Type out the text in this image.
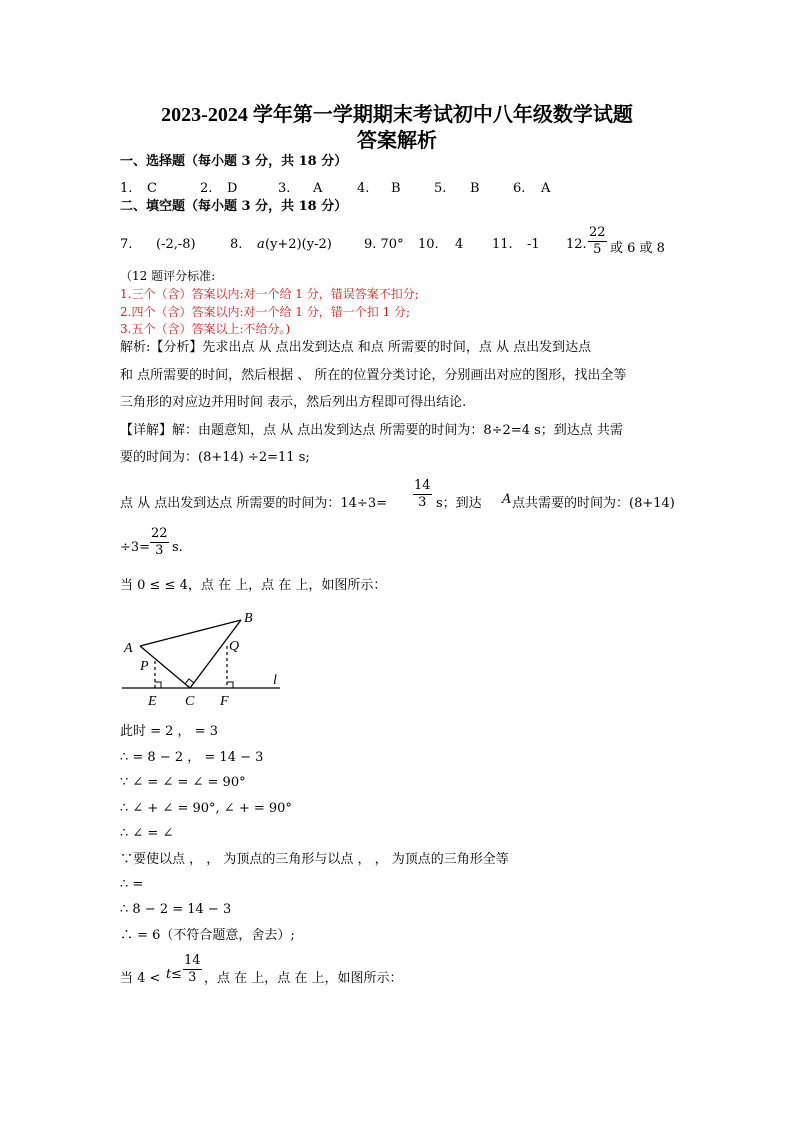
2023-2024 学年第一学期期末考试初中八年级数学试题
答案解析
一、选择题（每小题 3 分，共 18 分）
1. C	2. D	3. A	4. B	5. B	6. A
二、填空题（每小题 3 分，共 18 分）
7. (-2,-8)	8. a (y+2)(y-2) 9. 70° 10. 4 11. -1 12. $\frac{22}{5}$ 或 6 或 8
（12 题评分标准:
1.三个（含）答案以内:对一个给 1 分，错误答案不扣分;
2.四个（含）答案以内:对一个给 1 分，错一个扣 1 分;
3.五个（含）答案以上:不给分。)
解析:【分析】先求出点 从 点出发到达点 和点 所需要的时间，点 从 点出发到达点
和 点所需要的时间，然后根据 、 所在的位置分类讨论，分别画出对应的图形，找出全等
三角形的对应边并用时间 表示，然后列出方程即可得出结论.
【详解】解：由题意知，点 从 点出发到达点 所需要的时间为：8÷2=4 s；到达点 共需
要的时间为：(8+14) ÷2=11 s;
点 从 点出发到达点 所需要的时间为：$14\div 3= \frac{14}{3}$ s；到达 A 点共需要的时间为：(8+14)
$\div 3= \frac{22}{3} s$.
当 0 ≤ ≤ 4，点 在 上，点 在 上，如图所示：
A
B
P
Q
E C F
l
此时 = 2 ， = 3
∴ = 8 − 2 ， = 14 − 3
∵ ∠ = ∠ = ∠ = 90°
∴ ∠ + ∠ = 90°, ∠ + = 90°
∴ ∠ = ∠
∵要使以点 ， ， 为顶点的三角形与以点 ， ， 为顶点的三角形全等
∴ =
∴ 8 − 2 = 14 − 3
∴ = 6（不符合题意，舍去）;
当 $4 < t \le \frac{14}{3}$ ，点 在 上，点 在 上，如图所示：
